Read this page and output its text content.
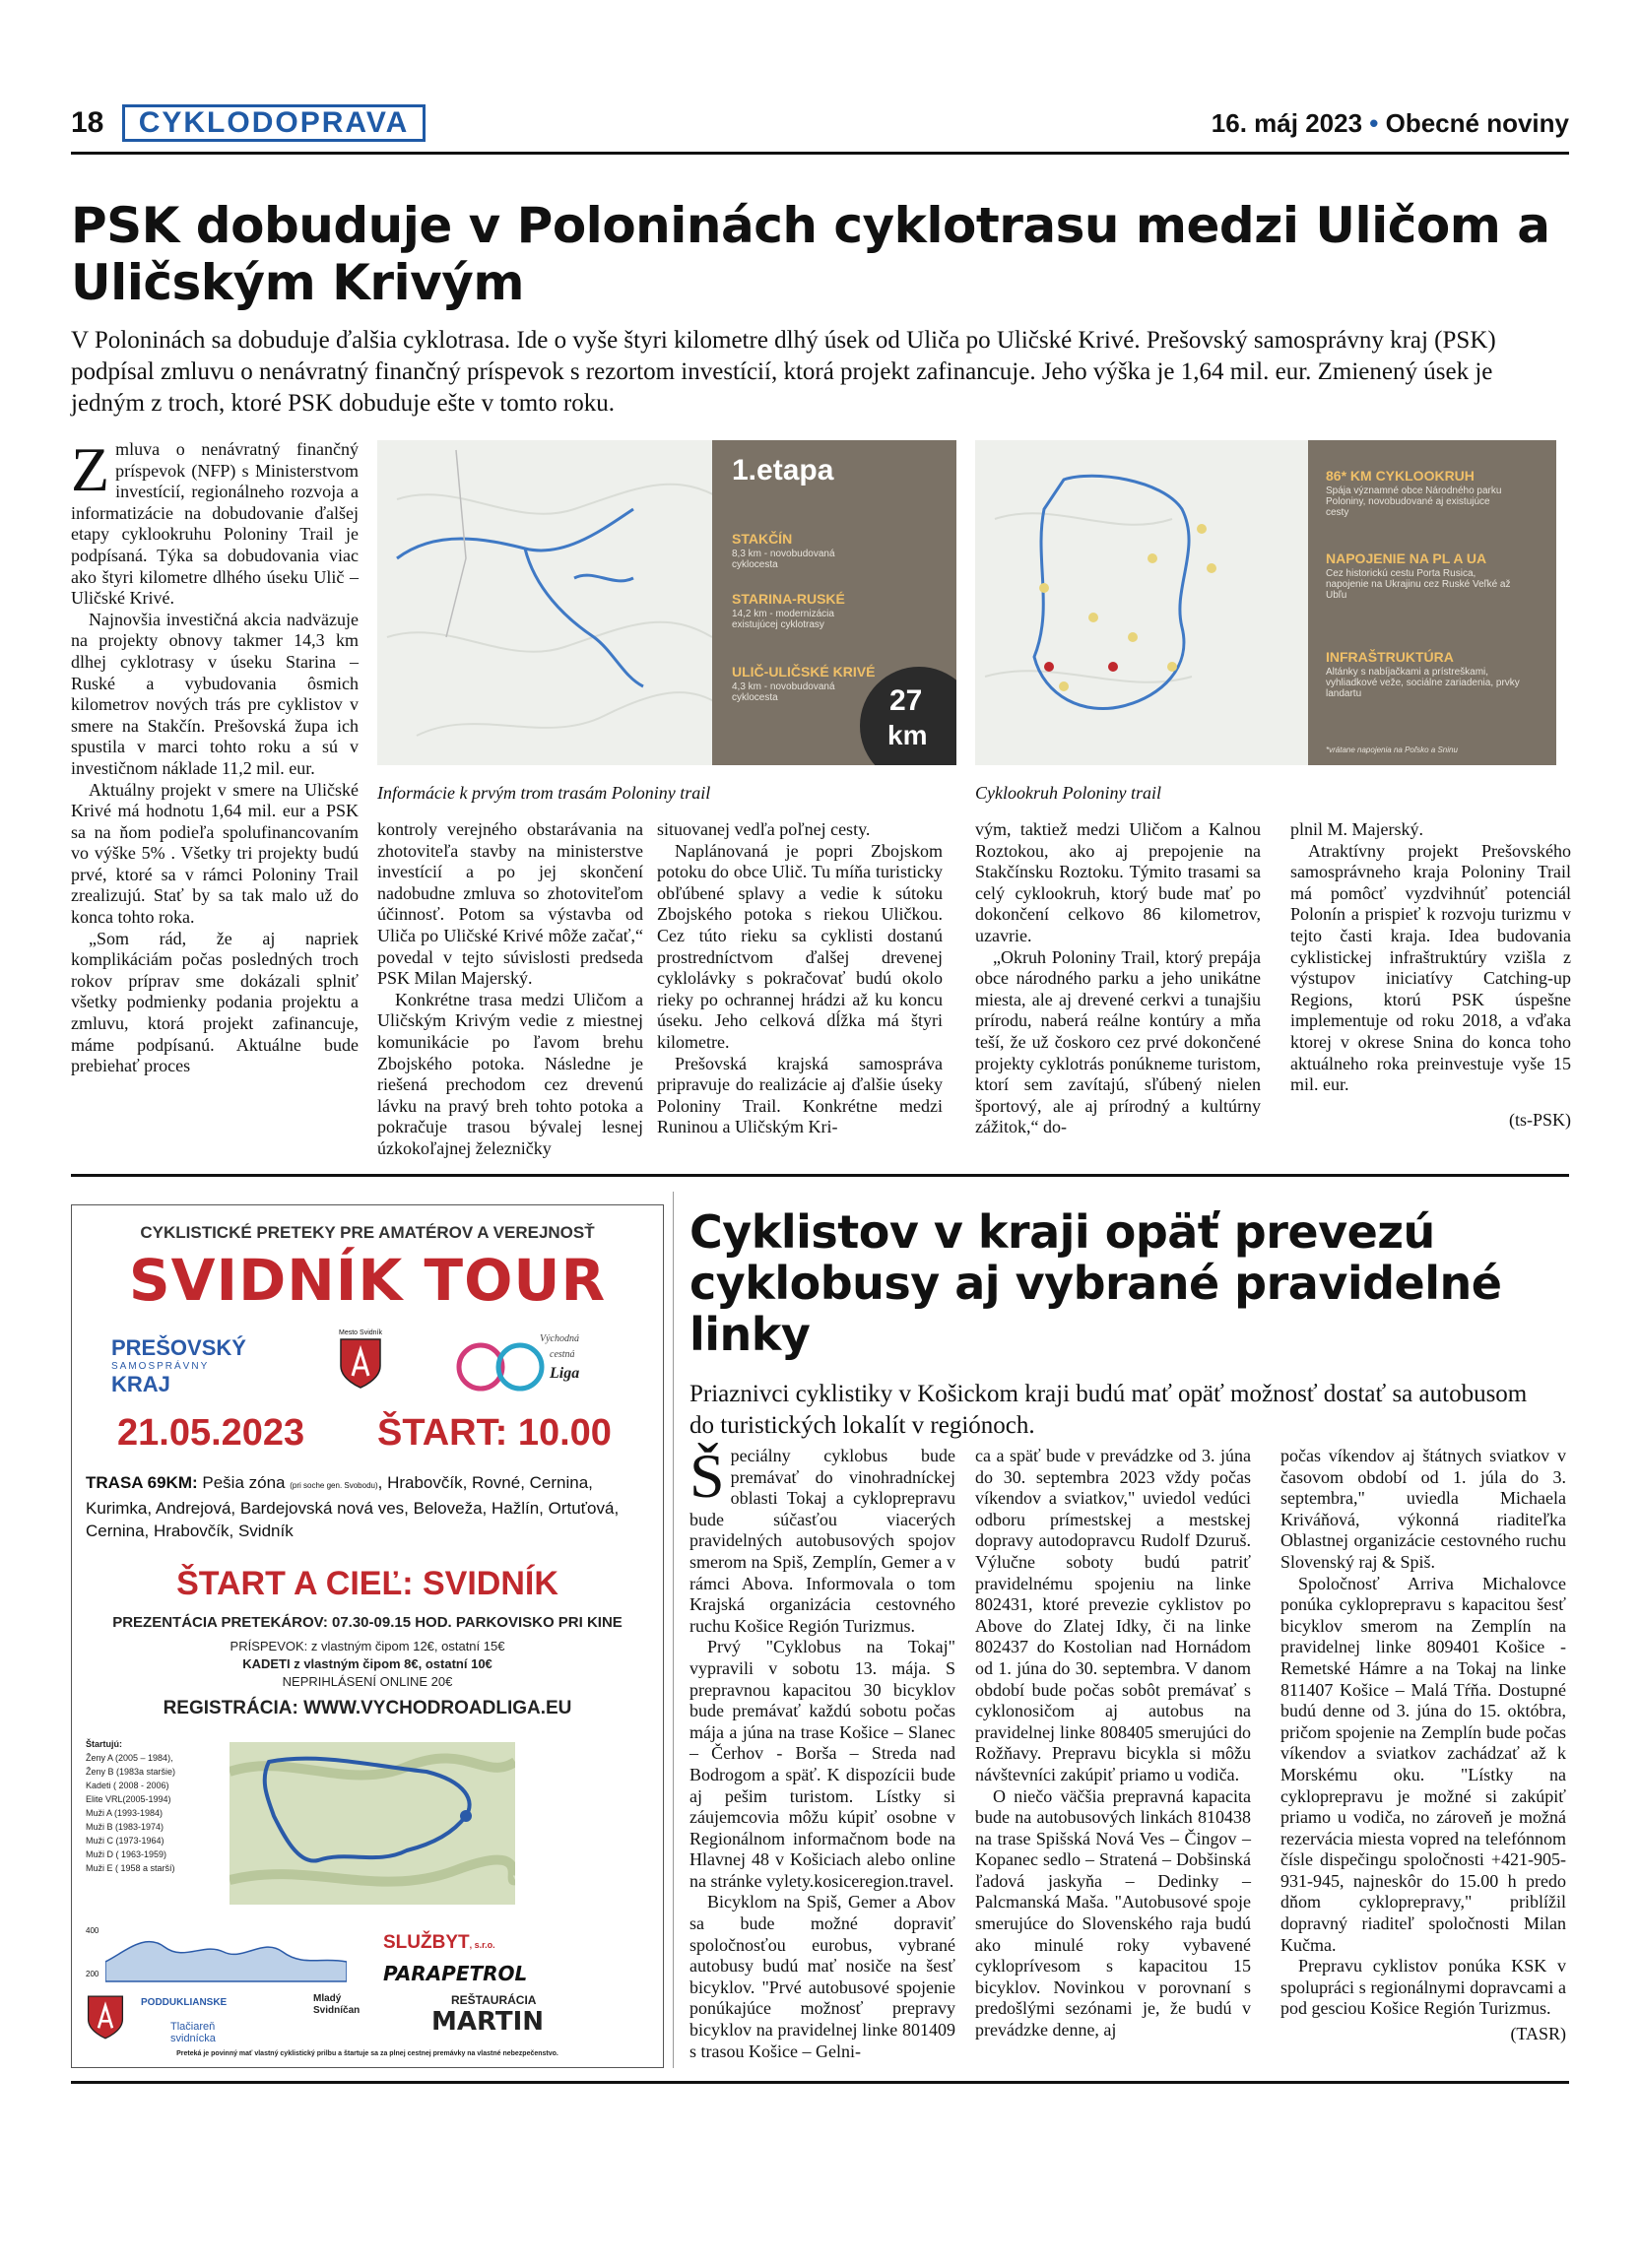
18	CYKLODOPRAVA	16. máj 2023 • Obecné noviny
PSK dobuduje v Poloninách cyklotrasu medzi Uličom a Uličským Krivým
V Poloninách sa dobuduje ďalšia cyklotrasa. Ide o vyše štyri kilometre dlhý úsek od Uliča po Uličské Krivé. Prešovský samosprávny kraj (PSK) podpísal zmluvu o nenávratný finančný príspevok s rezortom investícií, ktorá projekt zafinancuje. Jeho výška je 1,64 mil. eur. Zmienený úsek je jedným z troch, ktoré PSK dobuduje ešte v tomto roku.

Zmluva o nenávratný finančný príspevok (NFP) s Ministerstvom investícií, regionálneho rozvoja a informatizácie na dobudovanie ďalšej etapy cyklookruhu Poloniny Trail je podpísaná. Týka sa dobudovania viac ako štyri kilometre dlhého úseku Ulič – Uličské Krivé.

Najnovšia investičná akcia nadväzuje na projekty obnovy takmer 14,3 km dlhej cyklotrasy v úseku Starina – Ruské a vybudovania ôsmich kilometrov nových trás pre cyklistov v smere na Stakčín. Prešovská župa ich spustila v marci tohto roku a sú v investičnom náklade 11,2 mil. eur.

Aktuálny projekt v smere na Uličské Krivé má hodnotu 1,64 mil. eur a PSK sa na ňom podieľa spolufinancovaním vo výške 5% . Všetky tri projekty budú prvé, ktoré sa v rámci Poloniny Trail zrealizujú. Stať by sa tak malo už do konca tohto roka.

„Som rád, že aj napriek komplikáciám počas posledných troch rokov príprav sme dokázali splniť všetky podmienky podania projektu a zmluvu, ktorá projekt zafinancuje, máme podpísanú. Aktuálne bude prebiehať proces

1.etapa
STAKČÍN
8,3 km - novobudovaná cyklocesta
STARINA-RUSKÉ
14,2 km - modernizácia existujúcej cyklotrasy
ULIČ-ULIČSKÉ KRIVÉ
4,3 km - novobudovaná cyklocesta	27
km
Informácie k prvým trom trasám Poloniny trail
86* KM CYKLOOKRUH
Spája významné obce Národného parku Poloniny, novobudované aj existujúce cesty
NAPOJENIE NA PL A UA
Cez historickú cestu Porta Rusica, napojenie na Ukrajinu cez Ruské Veľké až Ubľu
INFRAŠTRUKTÚRA
Altánky s nabíjačkami a prístreškami, vyhliadkové veže, sociálne zariadenia, prvky landartu
*vrátane napojenia na Poľsko a Sninu
Cyklookruh Poloniny trail

kontroly verejného obstarávania na zhotoviteľa stavby na ministerstve investícií a po jej skončení nadobudne zmluva so zhotoviteľom účinnosť. Potom sa výstavba od Uliča po Uličské Krivé môže začať,“ povedal v tejto súvislosti predseda PSK Milan Majerský.

Konkrétne trasa medzi Uličom a Uličským Krivým vedie z miestnej komunikácie po ľavom brehu Zbojského potoka. Následne je riešená prechodom cez drevenú lávku na pravý breh tohto potoka a pokračuje trasou bývalej lesnej úzkokoľajnej železničky

situovanej vedľa poľnej cesty.

Naplánovaná je popri Zbojskom potoku do obce Ulič. Tu míňa turisticky obľúbené splavy a vedie k sútoku Zbojského potoka s riekou Uličkou. Cez túto rieku sa cyklisti dostanú prostredníctvom ďalšej drevenej cyklolávky s pokračovať budú okolo rieky po ochrannej hrádzi až ku koncu úseku. Jeho celková dĺžka má štyri kilometre.

Prešovská krajská samospráva pripravuje do realizácie aj ďalšie úseky Poloniny Trail. Konkrétne medzi Runinou a Uličským Kri-

vým, taktiež medzi Uličom a Kalnou Roztokou, ako aj prepojenie na Stakčínsku Roztoku. Týmito trasami sa celý cyklookruh, ktorý bude mať po dokončení celkovo 86 kilometrov, uzavrie.

„Okruh Poloniny Trail, ktorý prepája obce národného parku a jeho unikátne miesta, ale aj drevené cerkvi a tunajšiu prírodu, naberá reálne kontúry a mňa teší, že už čoskoro cez prvé dokončené projekty cyklotrás ponúkneme turistom, ktorí sem zavítajú, sľúbený nielen športový, ale aj prírodný a kultúrny zážitok,“ do-

plnil M. Majerský.

Atraktívny projekt Prešovského samosprávneho kraja Poloniny Trail má pomôcť vyzdvihnúť potenciál Polonín a prispieť k rozvoju turizmu v tejto časti kraja. Idea budovania cyklistickej infraštruktúry vzišla z výstupov iniciatívy Catching-up Regions, ktorú PSK úspešne implementuje od roku 2018, a vďaka ktorej v okrese Snina do konca toho aktuálneho roka preinvestuje vyše 15 mil. eur.

(ts-PSK)
CYKLISTICKÉ PRETEKY PRE AMATÉROV A VEREJNOSŤ
SVIDNÍK TOUR
PREŠOVSKÝ
SAMOSPRÁVNY
KRAJ
Mesto Svidník
Východná
cestná
Liga
21.05.2023 ŠTART: 10.00
TRASA 69KM: Pešia zóna (pri soche gen. Svobodu), Hrabovčík, Rovné, Cernina, Kurimka, Andrejová, Bardejovská nová ves, Beloveža, Hažlín, Ortuťová, Cernina, Hrabovčík, Svidník
ŠTART A CIEĽ: SVIDNÍK
PREZENTÁCIA PRETEKÁROV: 07.30-09.15 HOD. PARKOVISKO PRI KINE
PRÍSPEVOK: z vlastným čipom 12€, ostatní 15€
KADETI z vlastným čipom 8€, ostatní 10€
NEPRIHLÁSENÍ ONLINE 20€
REGISTRÁCIA: WWW.VYCHODROADLIGA.EU
Štartujú:
Ženy A (2005 – 1984),
Ženy B (1983a staršie)
Kadeti ( 2008 - 2006)
Elite VRL(2005-1994)
Muži A (1993-1984)
Muži B (1983-1974)
Muži C (1973-1964)
Muži D ( 1963-1959)
Muži E ( 1958 a starší)
400
200
SLUŽBYT, s.r.o.
PARAPETROL
PODDUKLIANSKE
Tlačiareň
svidnícka
Mladý
Svidníčan
REŠTAURÁCIA
MARTIN
Preteká je povinný mať vlastný cyklistický prilbu a štartuje sa za plnej cestnej premávky na vlastné nebezpečenstvo.
Cyklistov v kraji opäť prevezú cyklobusy aj vybrané pravidelné linky
Priaznivci cyklistiky v Košickom kraji budú mať opäť možnosť dostať sa autobusom do turistických lokalít v regiónoch.

Špeciálny cyklobus bude premávať do vinohradníckej oblasti Tokaj a cykloprepravu bude súčasťou viacerých pravidelných autobusových spojov smerom na Spiš, Zemplín, Gemer a v rámci Abova. Informovala o tom Krajská organizácia cestovného ruchu Košice Región Turizmus.

Prvý "Cyklobus na Tokaj" vypravili v sobotu 13. mája. S prepravnou kapacitou 30 bicyklov bude premávať každú sobotu počas mája a júna na trase Košice – Slanec – Čerhov - Borša – Streda nad Bodrogom a späť. K dispozícii bude aj pešim turistom. Lístky si záujemcovia môžu kúpiť osobne v Regionálnom informačnom bode na Hlavnej 48 v Košiciach alebo online na stránke vylety.kosiceregion.travel.

Bicyklom na Spiš, Gemer a Abov sa bude možné dopraviť spoločnosťou eurobus, vybrané autobusy budú mať nosiče na šesť bicyklov. "Prvé autobusové spojenie ponúkajúce možnosť prepravy bicyklov na pravidelnej linke 801409 s trasou Košice – Gelni-

ca a späť bude v prevádzke od 3. júna do 30. septembra 2023 vždy počas víkendov a sviatkov," uviedol vedúci odboru prímestskej a mestskej dopravy autodopravcu Rudolf Dzuruš. Výlučne soboty budú patriť pravidelnému spojeniu na linke 802431, ktoré prevezie cyklistov po Above do Zlatej Idky, či na linke 802437 do Kostolian nad Hornádom od 1. júna do 30. septembra. V danom období bude počas sobôt premávať s cyklonosičom aj autobus na pravidelnej linke 808405 smerujúci do Rožňavy. Prepravu bicykla si môžu návštevníci zakúpiť priamo u vodiča.

O niečo väčšia prepravná kapacita bude na autobusových linkách 810438 na trase Spišská Nová Ves – Čingov – Kopanec sedlo – Stratená – Dobšinská ľadová jaskyňa – Dedinky – Palcmanská Maša. "Autobusové spoje smerujúce do Slovenského raja budú ako minulé roky vybavené cykloprívesom s kapacitou 15 bicyklov. Novinkou v porovnaní s predošlými sezónami je, že budú v prevádzke denne, aj

počas víkendov aj štátnych sviatkov v časovom období od 1. júla do 3. septembra," uviedla Michaela Kriváňová, výkonná riaditeľka Oblastnej organizácie cestovného ruchu Slovenský raj & Spiš.

Spoločnosť Arriva Michalovce ponúka cykloprepravu s kapacitou šesť bicyklov smerom na Zemplín na pravidelnej linke 809401 Košice - Remetské Hámre a na Tokaj na linke 811407 Košice – Malá Tŕňa. Dostupné budú denne od 3. júna do 15. októbra, pričom spojenie na Zemplín bude počas víkendov a sviatkov zachádzať až k Morskému oku. "Lístky na cykloprepravu je možné si zakúpiť priamo u vodiča, no zároveň je možná rezervácia miesta vopred na telefónnom čísle dispečingu spoločnosti +421-905-931-945, najneskôr do 15.00 h predo dňom cykloprepravy," priblížil dopravný riaditeľ spoločnosti Milan Kučma.

Prepravu cyklistov ponúka KSK v spolupráci s regionálnymi dopravcami a pod gesciou Košice Región Turizmus.

(TASR)
